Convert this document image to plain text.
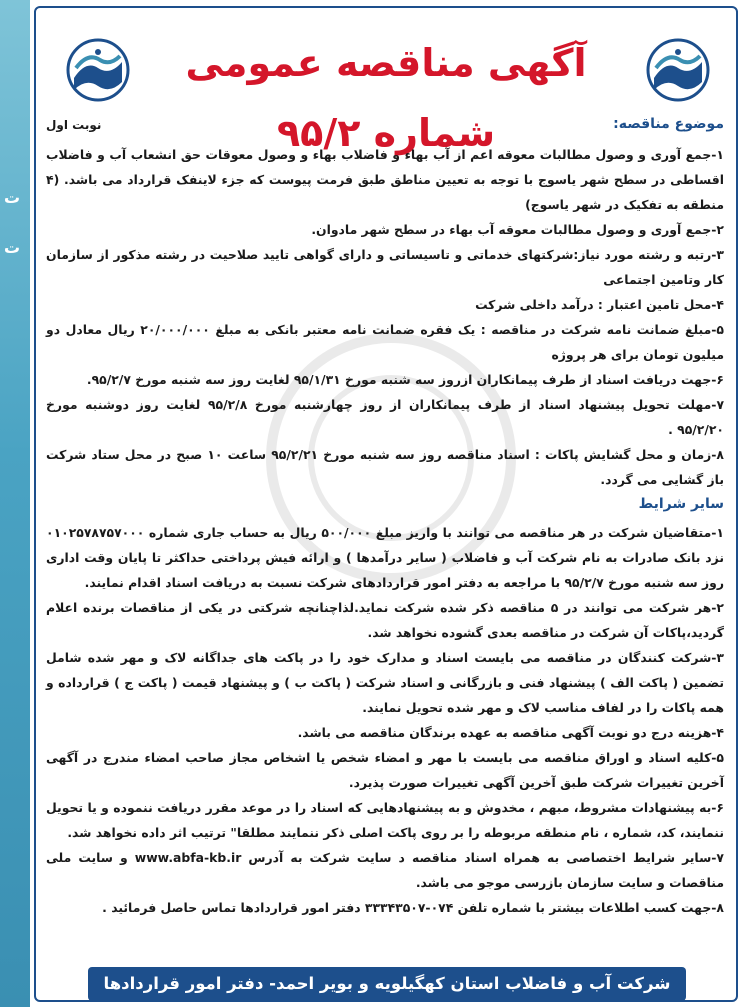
ت
ت
آگهی مناقصه عمومی شماره ۹۵/۲
نوبت اول	موضوع مناقصه:

۱-جمع آوری و وصول مطالبات معوقه اعم از آب بهاء و فاضلاب بهاء و وصول معوقات حق انشعاب آب و فاضلاب اقساطی در سطح شهر یاسوج با توجه به تعیین مناطق طبق فرمت پیوست که جزء لاینفک قرارداد می باشد. (۴ منطقه به تفکیک در شهر یاسوج)

۲-جمع آوری و وصول مطالبات معوقه آب بهاء در سطح شهر مادوان.

۳-رتبه و رشته مورد نیاز:شرکتهای خدماتی و تاسیساتی و دارای گواهی تایید صلاحیت در رشته مذکور از سازمان کار وتامین اجتماعی

۴-محل تامین اعتبار : درآمد داخلی شرکت

۵-مبلغ ضمانت نامه شرکت در مناقصه : یک فقره ضمانت نامه معتبر بانکی به مبلغ ۲۰/۰۰۰/۰۰۰ ریال معادل دو میلیون تومان برای هر پروژه

۶-جهت دریافت اسناد از طرف پیمانکاران ازروز سه شنبه مورخ ۹۵/۱/۳۱ لغایت روز سه شنبه مورخ ۹۵/۲/۷.

۷-مهلت تحویل پیشنهاد اسناد از طرف پیمانکاران از روز چهارشنبه مورخ ۹۵/۲/۸ لغایت روز دوشنبه مورخ ۹۵/۲/۲۰ .

۸-زمان و محل گشایش پاکات : اسناد مناقصه روز سه شنبه مورخ ۹۵/۲/۲۱ ساعت ۱۰ صبح در محل ستاد شرکت باز گشایی می گردد.

سایر شرایط

۱-متقاضیان شرکت در هر مناقصه می توانند با واریز مبلغ ۵۰۰/۰۰۰ ریال به حساب جاری شماره ۰۱۰۲۵۷۸۷۵۷۰۰۰ نزد بانک صادرات به نام شرکت آب و فاضلاب ( سایر درآمدها ) و ارائه فیش پرداختی حداکثر تا پایان وقت اداری روز سه شنبه مورخ ۹۵/۲/۷ با مراجعه به دفتر امور قراردادهای شرکت نسبت به دریافت اسناد اقدام نمایند.

۲-هر شرکت می توانند در ۵ مناقصه ذکر شده شرکت نماید.لذاچنانچه شرکتی در یکی از مناقصات برنده اعلام گردید،پاکات آن شرکت در مناقصه بعدی گشوده نخواهد شد.

۳-شرکت کنندگان در مناقصه می بایست اسناد و مدارک خود را در پاکت های جداگانه لاک و مهر شده شامل تضمین ( پاکت الف ) پیشنهاد فنی و بازرگانی و اسناد شرکت ( پاکت ب ) و پیشنهاد قیمت ( پاکت ج ) قرارداده و همه پاکات را در لفاف مناسب لاک و مهر شده تحویل نمایند.

۴-هزینه درج دو نوبت آگهی مناقصه به عهده برندگان مناقصه می باشد.

۵-کلیه اسناد و اوراق مناقصه می بایست با مهر و امضاء شخص یا اشخاص مجاز صاحب امضاء مندرج در آگهی آخرین تغییرات شرکت طبق آخرین آگهی تغییرات صورت پذیرد.

۶-به پیشنهادات مشروط، مبهم ، مخدوش و به پیشنهادهایی که اسناد را در موعد مقرر دریافت ننموده و یا تحویل ننمایند، کد، شماره ، نام منطقه مربوطه را بر روی پاکت اصلی ذکر ننمایند مطلقا" ترتیب اثر داده نخواهد شد.

۷-سایر شرایط اختصاصی به همراه اسناد مناقصه د سایت شرکت به آدرس www.abfa-kb.ir و سایت ملی مناقصات و سایت سازمان بازرسی موجو می باشد.

۸-جهت کسب اطلاعات بیشتر با شماره تلفن ۰۷۴-۳۳۳۴۳۵۰۷ دفتر امور قراردادها تماس حاصل فرمائید .

شرکت آب و فاضلاب استان کهگیلویه و بویر احمد- دفتر امور قراردادها
